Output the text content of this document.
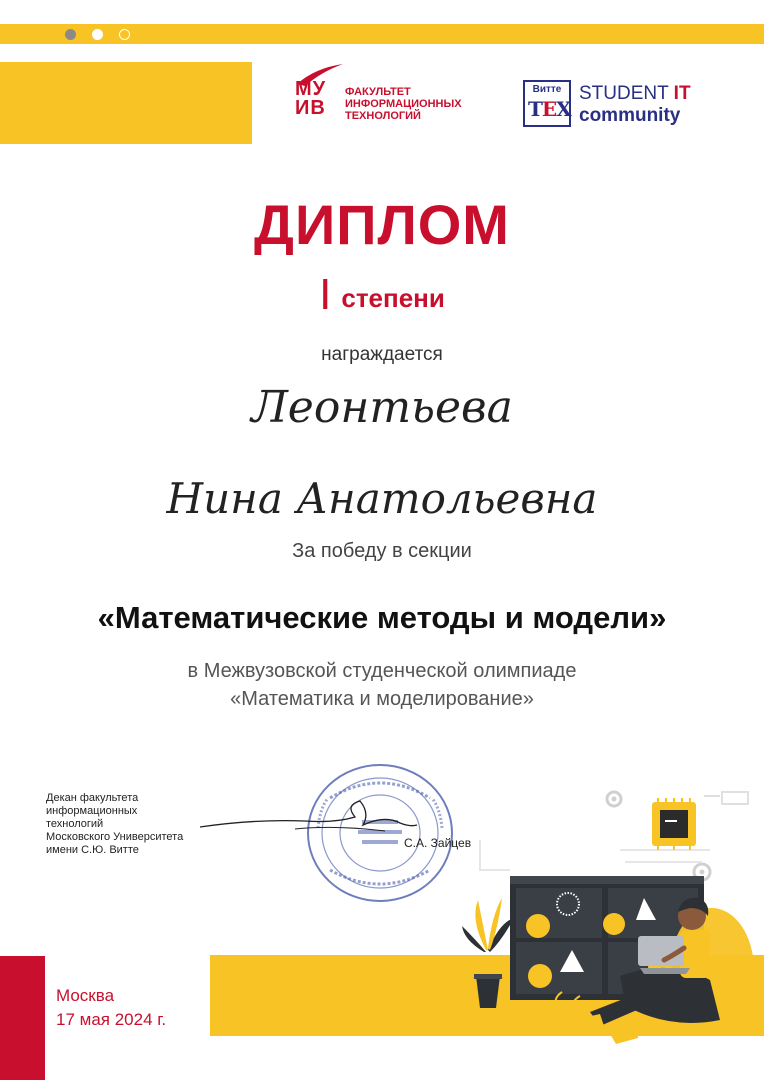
МУ
ИВ
ФАКУЛЬТЕТ
ИНФОРМАЦИОННЫХ
ТЕХНОЛОГИЙ
Витте
TEX
STUDENT IT
community
ДИПЛОМ
Iстепени
награждается
Леонтьева
Нина Анатольевна
За победу в секции
«Математические методы и модели»
в Межвузовской студенческой олимпиаде
«Математика и моделирование»
Декан факультета
информационных
технологий
Московского Университета
имени С.Ю. Витте	С.А. Зайцев
Москва
17 мая 2024 г.
